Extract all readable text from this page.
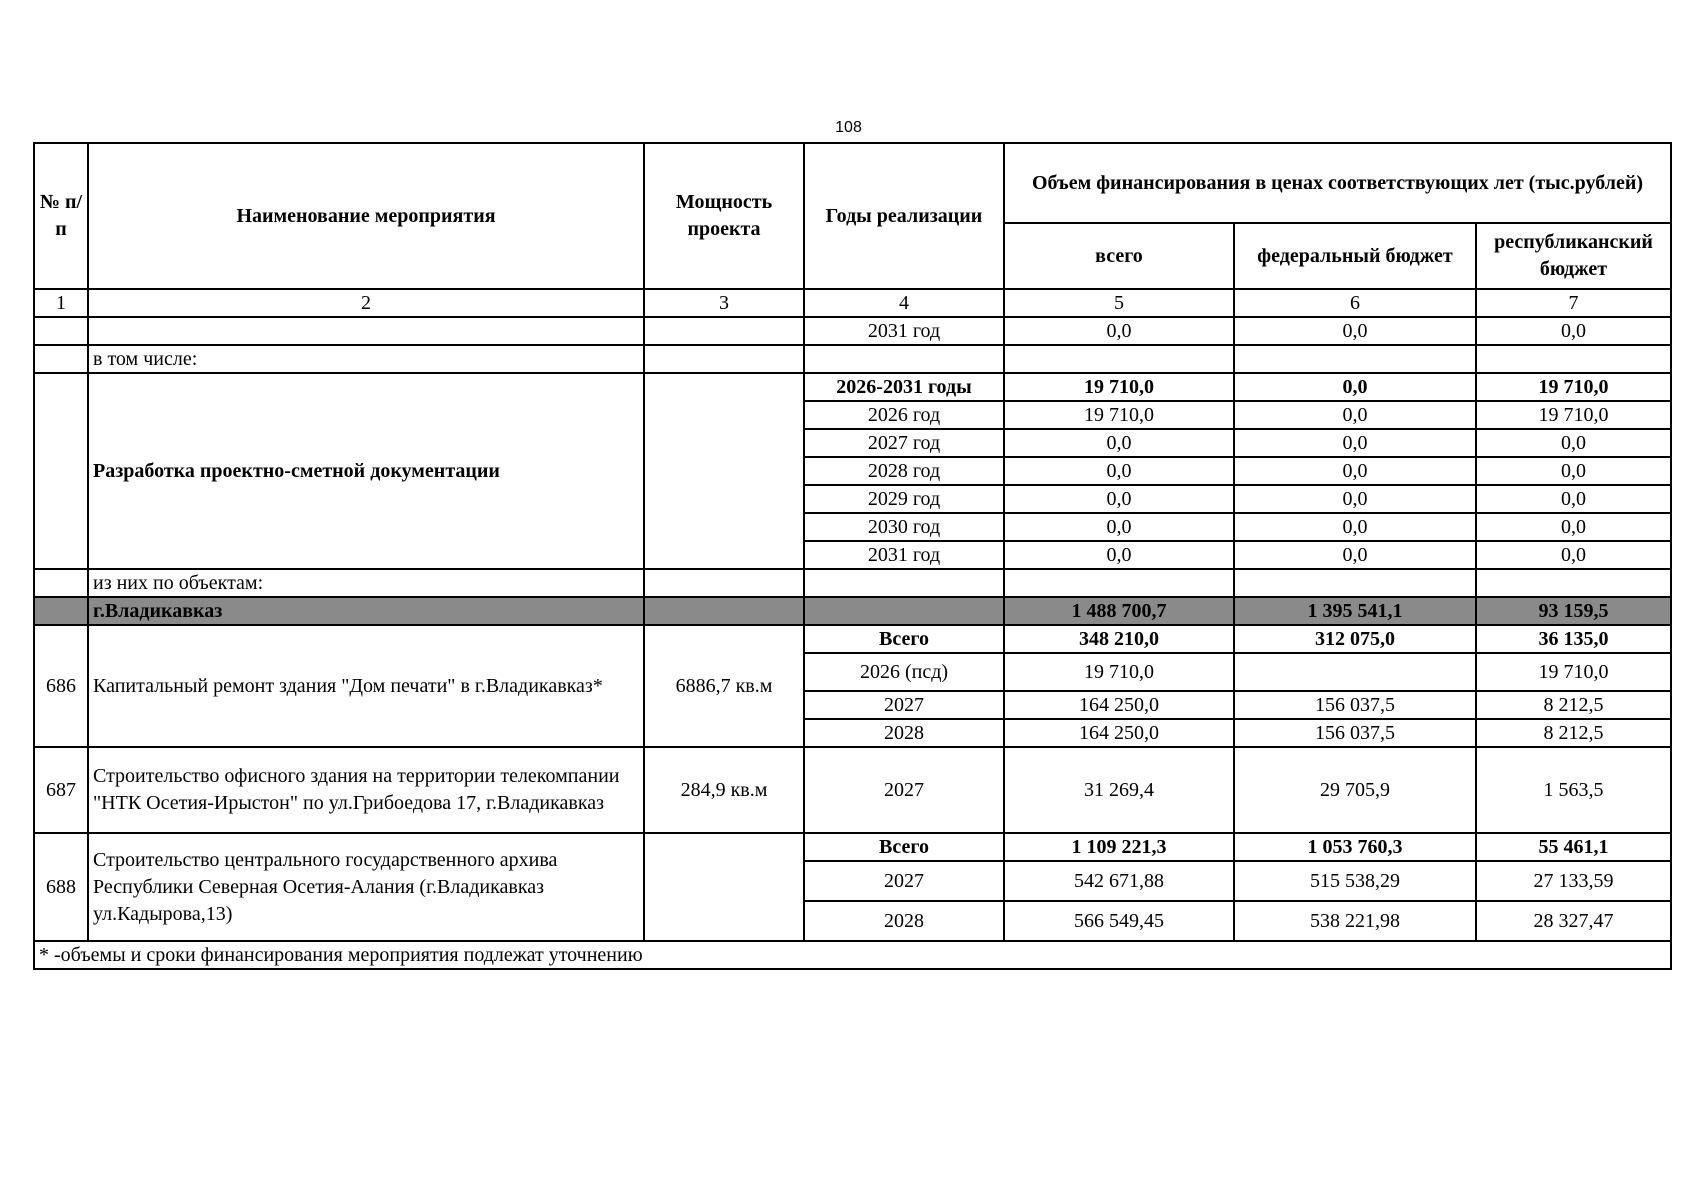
108
№ п/п	Наименование мероприятия	Мощность проекта	Годы реализации	Объем финансирования в ценах соответствующих лет (тыс.рублей)		
				всего	федеральный бюджет	республиканский бюджет
1	2	3	4	5	6	7
			2031 год	0,0	0,0	0,0
	в том числе:					
	Разработка проектно-сметной документации		2026-2031 годы	19 710,0	0,0	19 710,0
			2026 год	19 710,0	0,0	19 710,0
			2027 год	0,0	0,0	0,0
			2028 год	0,0	0,0	0,0
			2029 год	0,0	0,0	0,0
			2030 год	0,0	0,0	0,0
			2031 год	0,0	0,0	0,0
	из них по объектам:					
	г.Владикавказ			1 488 700,7	1 395 541,1	93 159,5
686	Капитальный ремонт здания "Дом печати" в г.Владикавказ*	6886,7 кв.м	Всего	348 210,0	312 075,0	36 135,0
			2026 (псд)	19 710,0		19 710,0
			2027	164 250,0	156 037,5	8 212,5
			2028	164 250,0	156 037,5	8 212,5
687	Строительство офисного здания на территории телекомпании "НТК Осетия-Ирыстон" по ул.Грибоедова 17, г.Владикавказ	284,9 кв.м	2027	31 269,4	29 705,9	1 563,5
688	Строительство центрального государственного архива Республики Северная Осетия-Алания (г.Владикавказ ул.Кадырова,13)		Всего	1 109 221,3	1 053 760,3	55 461,1
			2027	542 671,88	515 538,29	27 133,59
			2028	566 549,45	538 221,98	28 327,47
* -объемы и сроки финансирования мероприятия подлежат уточнению						
